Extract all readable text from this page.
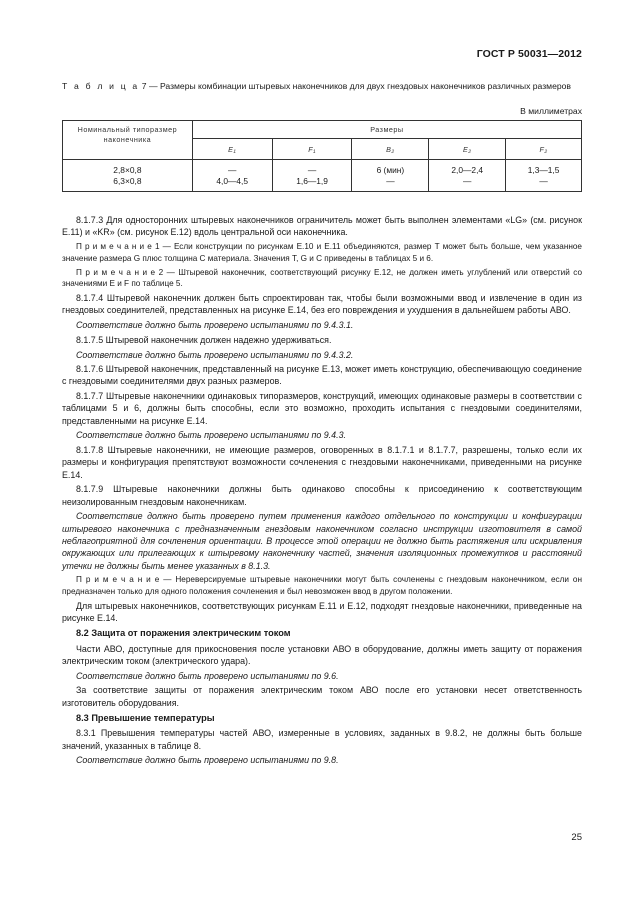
ГОСТ Р 50031—2012
Т а б л и ц а 7 — Размеры комбинации штыревых наконечников для двух гнездовых наконечников различных размеров
В миллиметрах
Номинальный типоразмер наконечника	Размеры				
	E₁	F₁	B₂	E₂	F₂

2,8×0,8	—	—	6 (мин)	2,0—2,4	1,3—1,5
6,3×0,8	4,0—4,5	1,6—1,9	—	—	—

8.1.7.3 Для односторонних штыревых наконечников ограничитель может быть выполнен элементами «LG» (см. рисунок Е.11) и «KR» (см. рисунок Е.12) вдоль центральной оси наконечника.

П р и м е ч а н и е 1 — Если конструкции по рисункам Е.10 и Е.11 объединяются, размер T может быть больше, чем указанное значение размера G плюс толщина С материала. Значения T, G и C приведены в таблицах 5 и 6.

П р и м е ч а н и е 2 — Штыревой наконечник, соответствующий рисунку Е.12, не должен иметь углублений или отверстий со значениями E и F по таблице 5.

8.1.7.4 Штыревой наконечник должен быть спроектирован так, чтобы были возможными ввод и извлечение в один из гнездовых соединителей, представленных на рисунке Е.14, без его повреждения и ухудшения в дальнейшем работы АВО.

Соответствие должно быть проверено испытаниями по 9.4.3.1.

8.1.7.5 Штыревой наконечник должен надежно удерживаться.

Соответствие должно быть проверено испытаниями по 9.4.3.2.

8.1.7.6 Штыревой наконечник, представленный на рисунке Е.13, может иметь конструкцию, обеспечивающую соединение с гнездовыми соединителями двух разных размеров.

8.1.7.7 Штыревые наконечники одинаковых типоразмеров, конструкций, имеющих одинаковые размеры в соответствии с таблицами 5 и 6, должны быть способны, если это возможно, проходить испытания с гнездовыми соединителями, представленными на рисунке Е.14.

Соответствие должно быть проверено испытаниями по 9.4.3.

8.1.7.8 Штыревые наконечники, не имеющие размеров, оговоренных в 8.1.7.1 и 8.1.7.7, разрешены, только если их размеры и конфигурация препятствуют возможности сочленения с гнездовыми наконечниками, приведенными на рисунке Е.14.

8.1.7.9 Штыревые наконечники должны быть одинаково способны к присоединению к соответствующим неизолированным гнездовым наконечникам.

Соответствие должно быть проверено путем применения каждого отдельного по конструкции и конфигурации штыревого наконечника с предназначенным гнездовым наконечником согласно инструкции изготовителя в самой неблагоприятной для сочленения ориентации. В процессе этой операции не должно быть растяжения или искривления окружающих или прилегающих к штыревому наконечнику частей, значения изоляционных промежутков и расстояний утечки не должны быть менее указанных в 8.1.3.

П р и м е ч а н и е — Нереверсируемые штыревые наконечники могут быть сочленены с гнездовым наконечником, если он предназначен только для одного положения сочленения и был невозможен ввод в другом положении.

Для штыревых наконечников, соответствующих рисункам Е.11 и Е.12, подходят гнездовые наконечники, приведенные на рисунке Е.14.

8.2 Защита от поражения электрическим током

Части АВО, доступные для прикосновения после установки АВО в оборудование, должны иметь защиту от поражения электрическим током (электрического удара).

Соответствие должно быть проверено испытаниями по 9.6.

За соответствие защиты от поражения электрическим током АВО после его установки несет ответственность изготовитель оборудования.

8.3 Превышение температуры

8.3.1 Превышения температуры частей АВО, измеренные в условиях, заданных в 9.8.2, не должны быть больше значений, указанных в таблице 8.

Соответствие должно быть проверено испытаниями по 9.8.

25
